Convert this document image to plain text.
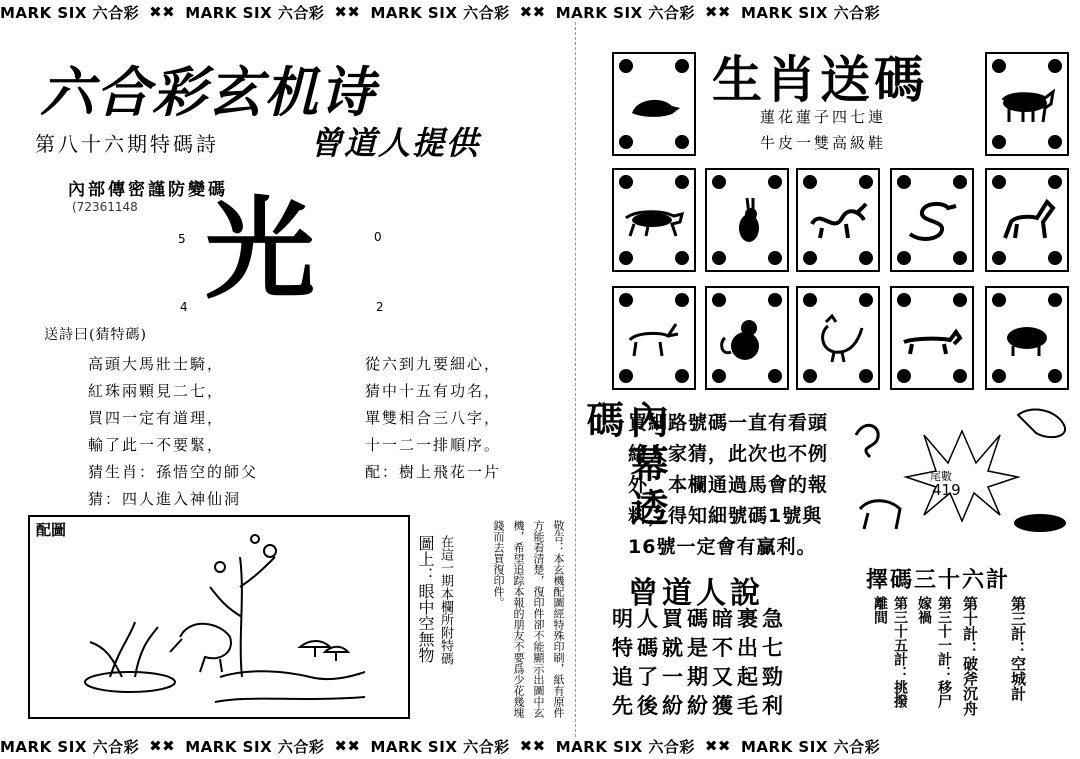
MARK SIX 六合彩 ✖✖ MARK SIX 六合彩 ✖✖ MARK SIX 六合彩 ✖✖ MARK SIX 六合彩 ✖✖ MARK SIX 六合彩
六合彩玄机诗
第八十六期特碼詩	曾道人提供
內部傳密謹防變碼
(72361148 光
5	0
4	2
送詩曰(猜特碼)

高頭大馬壯士騎，

紅珠兩顆見二七，

買四一定有道理，

輸了此一不要緊，

猜生肖：孫悟空的師父

猜：四人進入神仙洞

從六到九要細心，

猜中十五有功名，

單雙相合三八字，

十一二一排順序。

配：樹上飛花一片

配圖
在這一期本欄所附特碼
圖上：眼中空無物	敬告：本玄機配圖經特殊印刷，紙有原件方能看清楚，復印件卻不能顯示出圖中玄機，希望追踪本報的朋友不要爲少花幾塊錢而去買復印件。
生肖送碼
蓮花蓮子四七連
牛皮一雙高級鞋
內幕透碼 買細路號碼一直有看頭給大家猜，此次也不例外，本欄通過馬會的報料，得知細號碼1號與16號一定會有贏利。
尾數
419
曾道人說
明人買碼暗裹急
特碼就是不出七
追了一期又起勁
先後紛紛獲毛利
擇碼三十六計
第三計：空城計
第十計：破斧沉舟
第三十一計：移尸嫁禍
第三十五計：挑撥離間
MARK SIX 六合彩 ✖✖ MARK SIX 六合彩 ✖✖ MARK SIX 六合彩 ✖✖ MARK SIX 六合彩 ✖✖ MARK SIX 六合彩
